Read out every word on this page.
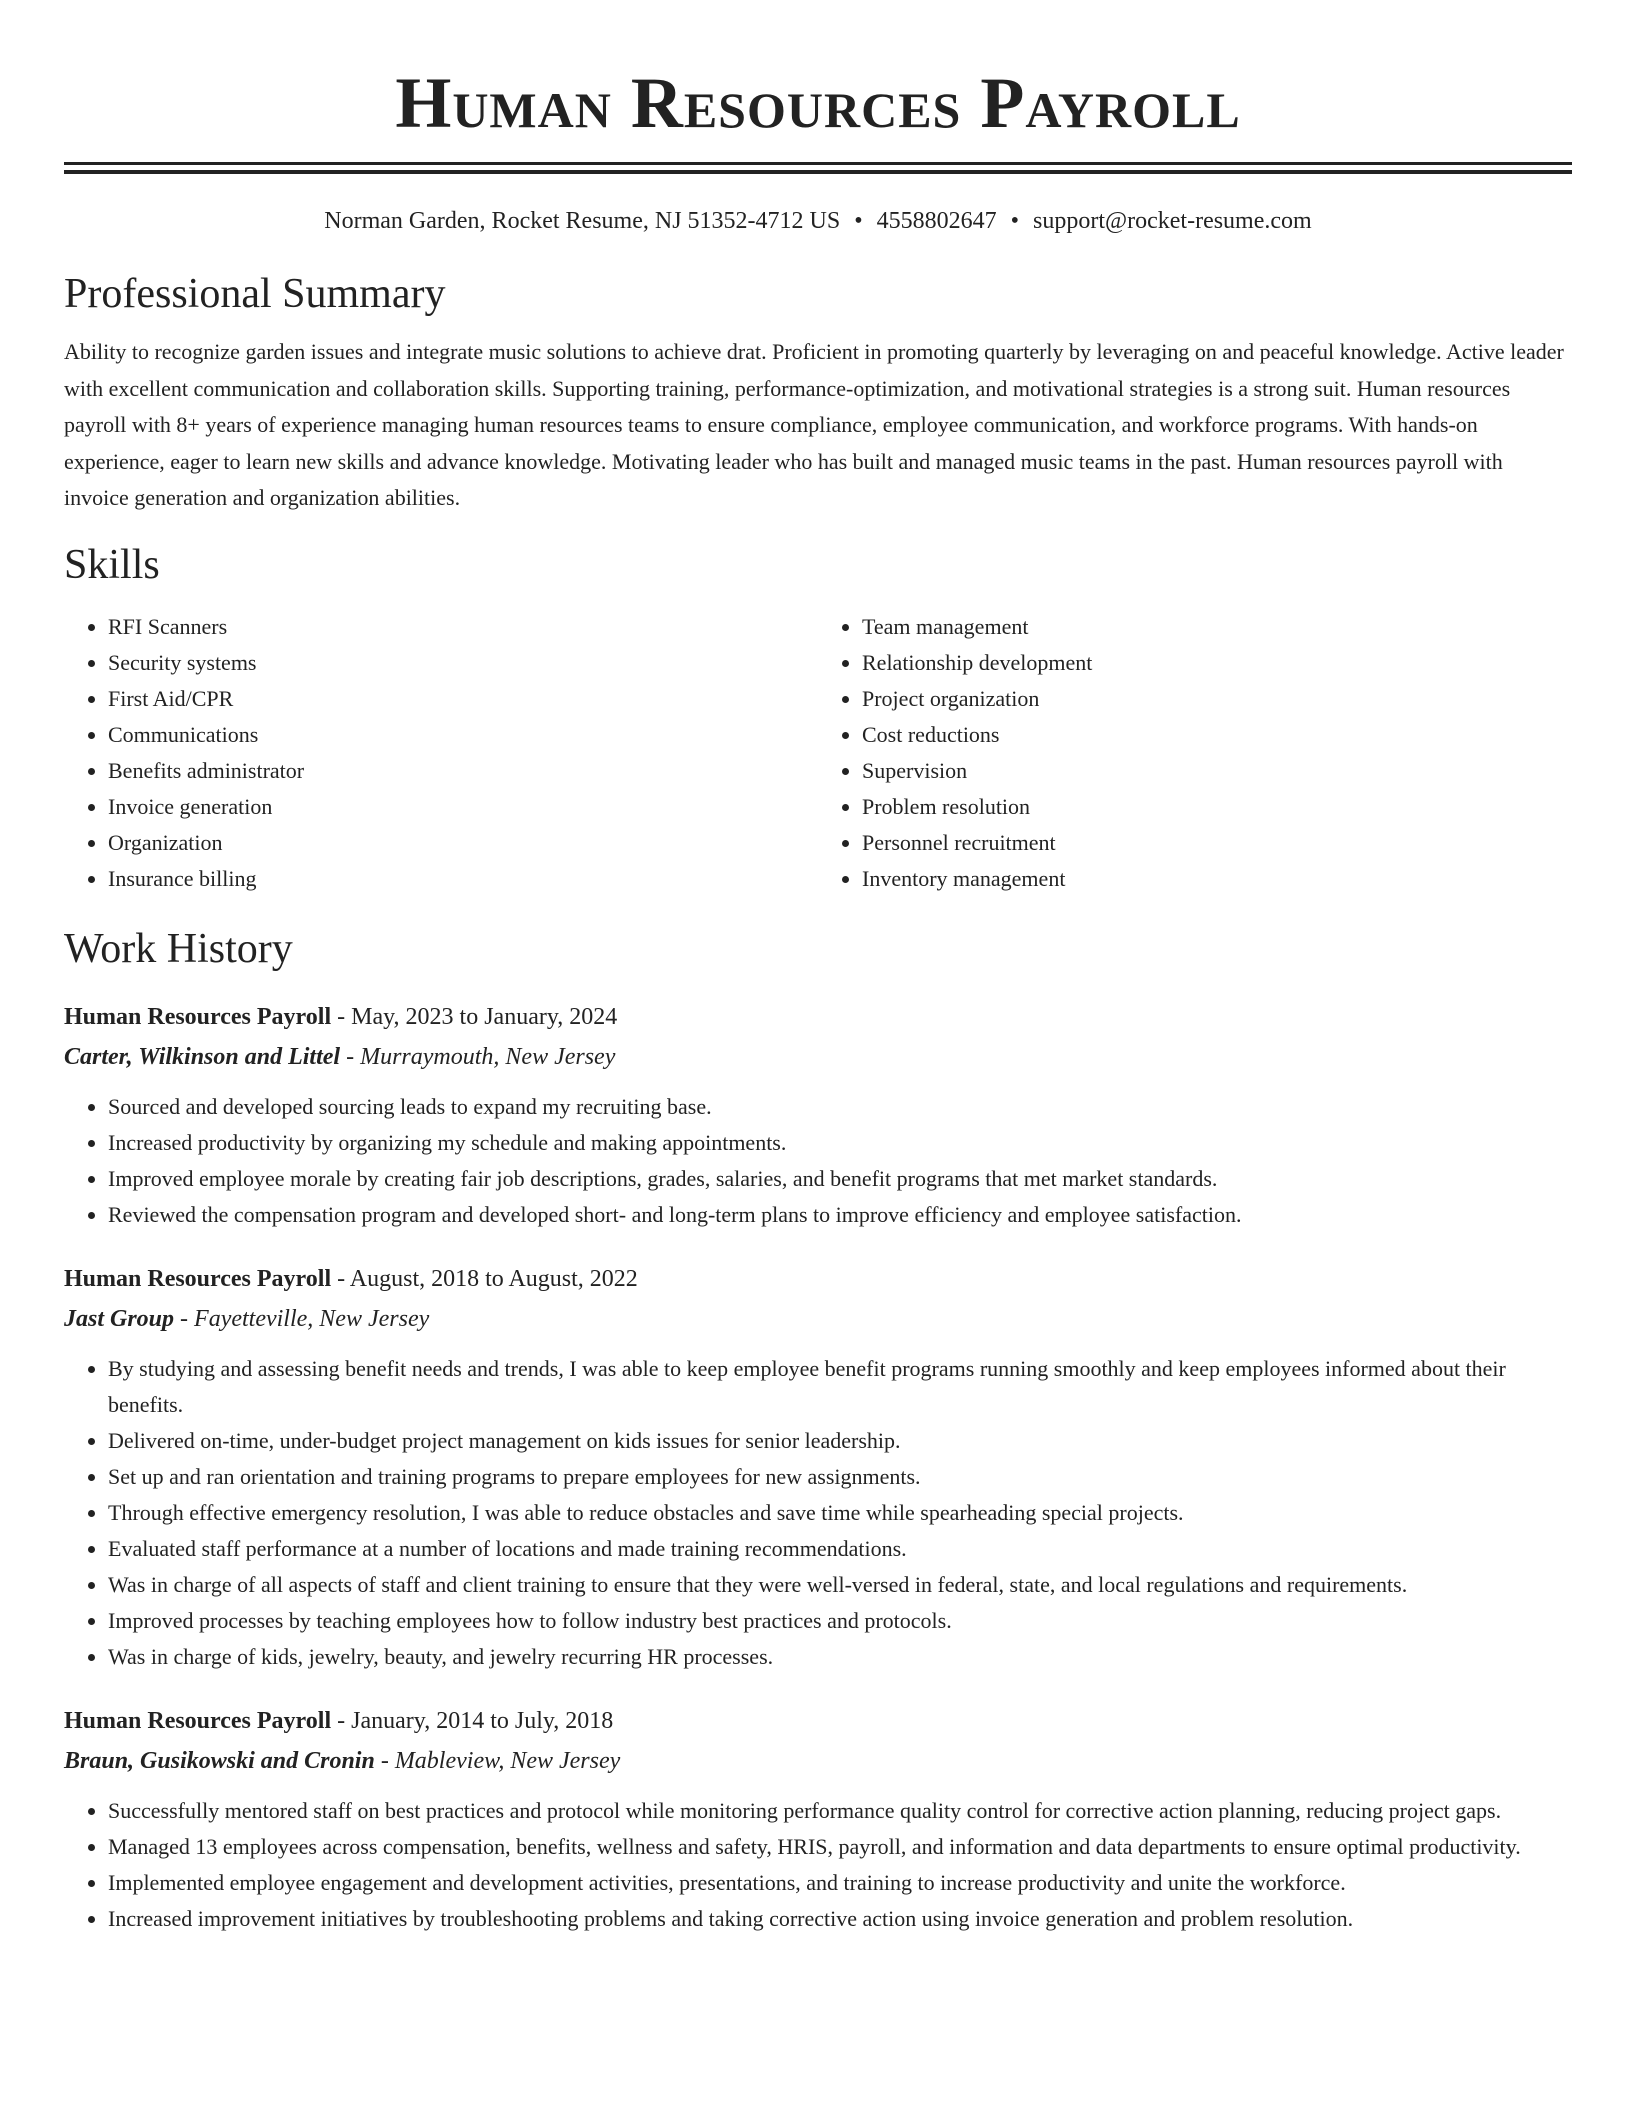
Human Resources Payroll
Norman Garden, Rocket Resume, NJ 51352-4712 US • 4558802647 • support@rocket-resume.com
Professional Summary
Ability to recognize garden issues and integrate music solutions to achieve drat. Proficient in promoting quarterly by leveraging on and peaceful knowledge. Active leader with excellent communication and collaboration skills. Supporting training, performance-optimization, and motivational strategies is a strong suit. Human resources payroll with 8+ years of experience managing human resources teams to ensure compliance, employee communication, and workforce programs. With hands-on experience, eager to learn new skills and advance knowledge. Motivating leader who has built and managed music teams in the past. Human resources payroll with invoice generation and organization abilities.
Skills
• RFI Scanners
• Security systems
• First Aid/CPR
• Communications
• Benefits administrator
• Invoice generation
• Organization
• Insurance billing
• Team management
• Relationship development
• Project organization
• Cost reductions
• Supervision
• Problem resolution
• Personnel recruitment
• Inventory management
Work History
Human Resources Payroll - May, 2023 to January, 2024
Carter, Wilkinson and Littel - Murraymouth, New Jersey
• Sourced and developed sourcing leads to expand my recruiting base.
• Increased productivity by organizing my schedule and making appointments.
• Improved employee morale by creating fair job descriptions, grades, salaries, and benefit programs that met market standards.
• Reviewed the compensation program and developed short- and long-term plans to improve efficiency and employee satisfaction.
Human Resources Payroll - August, 2018 to August, 2022
Jast Group - Fayetteville, New Jersey
• By studying and assessing benefit needs and trends, I was able to keep employee benefit programs running smoothly and keep employees informed about their benefits.
• Delivered on-time, under-budget project management on kids issues for senior leadership.
• Set up and ran orientation and training programs to prepare employees for new assignments.
• Through effective emergency resolution, I was able to reduce obstacles and save time while spearheading special projects.
• Evaluated staff performance at a number of locations and made training recommendations.
• Was in charge of all aspects of staff and client training to ensure that they were well-versed in federal, state, and local regulations and requirements.
• Improved processes by teaching employees how to follow industry best practices and protocols.
• Was in charge of kids, jewelry, beauty, and jewelry recurring HR processes.
Human Resources Payroll - January, 2014 to July, 2018
Braun, Gusikowski and Cronin - Mableview, New Jersey
• Successfully mentored staff on best practices and protocol while monitoring performance quality control for corrective action planning, reducing project gaps.
• Managed 13 employees across compensation, benefits, wellness and safety, HRIS, payroll, and information and data departments to ensure optimal productivity.
• Implemented employee engagement and development activities, presentations, and training to increase productivity and unite the workforce.
• Increased improvement initiatives by troubleshooting problems and taking corrective action using invoice generation and problem resolution.
